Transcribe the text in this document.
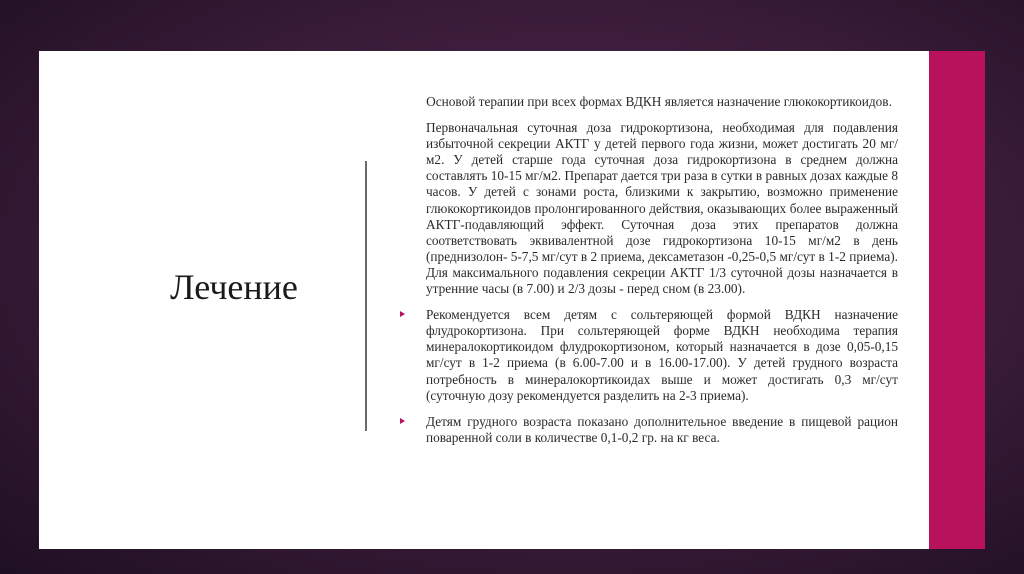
Лечение

Основой терапии при всех формах ВДКН является назначение глюкокортикоидов.

Первоначальная суточная доза гидрокортизона, необходимая для подавления избыточной секреции АКТГ у детей первого года жизни, может достигать 20 мг/м2. У детей старше года суточная доза гидрокортизона в среднем должна составлять 10-15 мг/м2. Препарат дается три раза в сутки в равных дозах каждые 8 часов. У детей с зонами роста, близкими к закрытию, возможно применение глюкокортикоидов пролонгированного действия, оказывающих более выраженный АКТГ-подавляющий эффект. Суточная доза этих препаратов должна соответствовать эквивалентной дозе гидрокортизона 10-15 мг/м2 в день (преднизолон- 5-7,5 мг/сут в 2 приема, дексаметазон -0,25-0,5 мг/сут в 1-2 приема). Для максимального подавления секреции АКТГ 1/3 суточной дозы назначается в утренние часы (в 7.00) и 2/3 дозы - перед сном (в 23.00).

Рекомендуется всем детям с сольтеряющей формой ВДКН назначение флудрокортизона. При сольтеряющей форме ВДКН необходима терапия минералокортикоидом флудрокортизоном, который назначается в дозе 0,05-0,15 мг/сут в 1-2 приема (в 6.00-7.00 и в 16.00-17.00). У детей грудного возраста потребность в минералокортикоидах выше и может достигать 0,3 мг/сут (суточную дозу рекомендуется разделить на 2-3 приема).

Детям грудного возраста показано дополнительное введение в пищевой рацион поваренной соли в количестве 0,1-0,2 гр. на кг веса.
